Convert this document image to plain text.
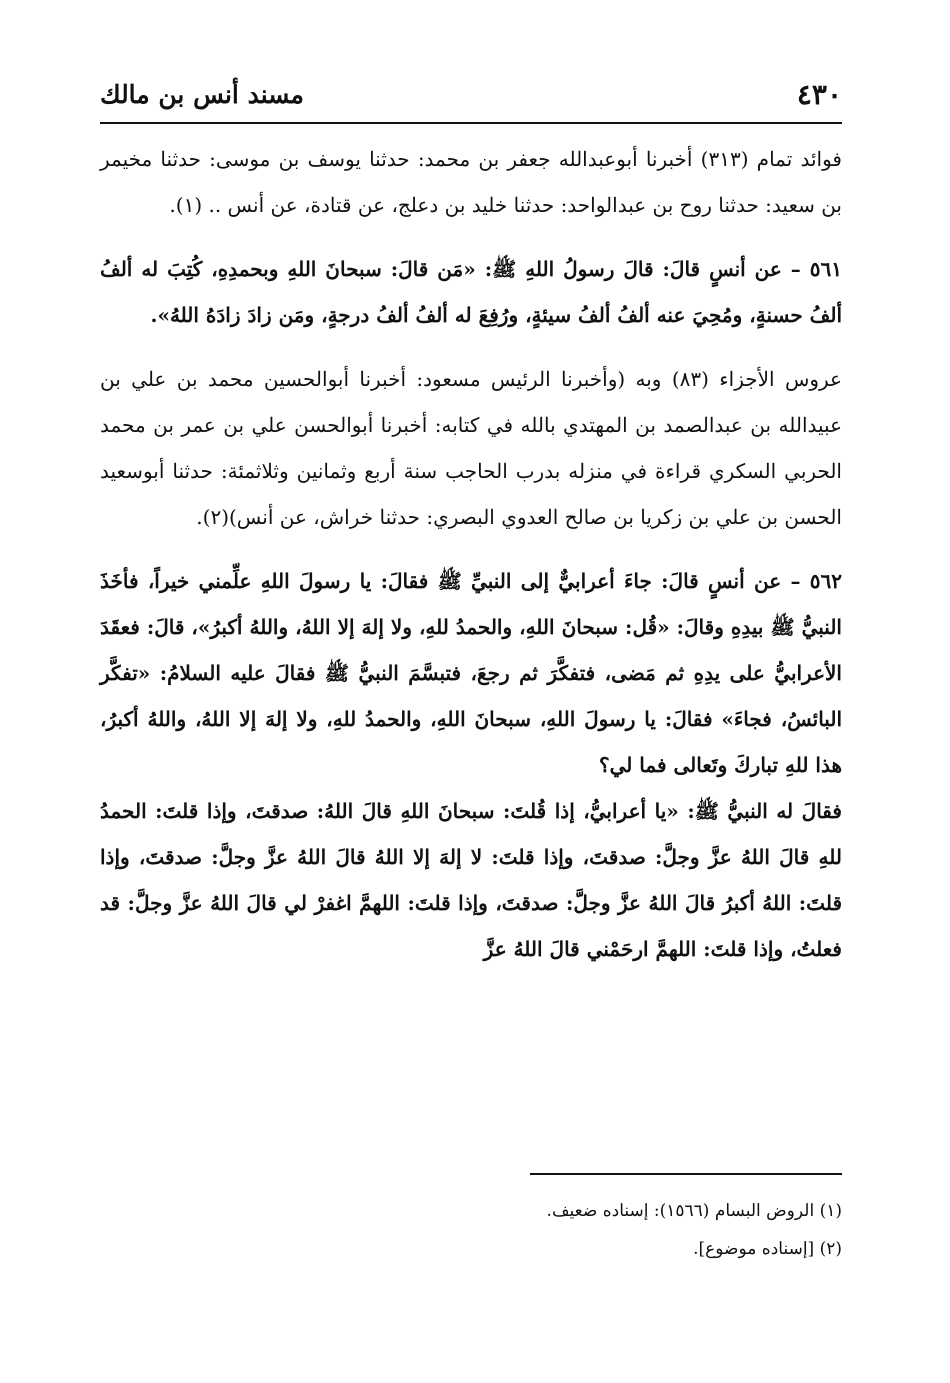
٤٣٠
مسند أنس بن مالك

فوائد تمام (٣١٣) أخبرنا أبوعبدالله جعفر بن محمد: حدثنا يوسف بن موسى: حدثنا مخيمر بن سعيد: حدثنا روح بن عبدالواحد: حدثنا خليد بن دعلج، عن قتادة، عن أنس .. (١).

٥٦١ – عن أنسٍ قالَ: قالَ رسولُ اللهِ ﷺ: «مَن قالَ: سبحانَ اللهِ وبحمدِهِ، كُتِبَ له ألفُ ألفُ حسنةٍ، ومُحِيَ عنه ألفُ ألفُ سيئةٍ، ورُفِعَ له ألفُ ألفُ درجةٍ، ومَن زادَ زادَهُ اللهُ».

عروس الأجزاء (٨٣) وبه (وأخبرنا الرئيس مسعود: أخبرنا أبوالحسين محمد بن علي بن عبيدالله بن عبدالصمد بن المهتدي بالله في كتابه: أخبرنا أبوالحسن علي بن عمر بن محمد الحربي السكري قراءة في منزله بدرب الحاجب سنة أربع وثمانين وثلاثمئة: حدثنا أبوسعيد الحسن بن علي بن زكريا بن صالح العدوي البصري: حدثنا خراش، عن أنس)(٢).

٥٦٢ – عن أنسٍ قالَ: جاءَ أعرابيٌّ إلى النبيِّ ﷺ فقالَ: يا رسولَ اللهِ علِّمني خيراً، فأخَذَ النبيُّ ﷺ بيدِهِ وقالَ: «قُل: سبحانَ اللهِ، والحمدُ للهِ، ولا إلهَ إلا اللهُ، واللهُ أكبرُ»، قالَ: فعقَدَ الأعرابيُّ على يدِهِ ثم مَضى، فتفكَّرَ ثم رجعَ، فتبسَّمَ النبيُّ ﷺ فقالَ عليه السلامُ: «تفكَّر البائسُ، فجاءَ» فقالَ: يا رسولَ اللهِ، سبحانَ اللهِ، والحمدُ للهِ، ولا إلهَ إلا اللهُ، واللهُ أكبرُ، هذا للهِ تباركَ وتَعالى فما لي؟

فقالَ له النبيُّ ﷺ: «يا أعرابيُّ، إذا قُلتَ: سبحانَ اللهِ قالَ اللهُ: صدقتَ، وإذا قلتَ: الحمدُ للهِ قالَ اللهُ عزَّ وجلَّ: صدقتَ، وإذا قلتَ: لا إلهَ إلا اللهُ قالَ اللهُ عزَّ وجلَّ: صدقتَ، وإذا قلتَ: اللهُ أكبرُ قالَ اللهُ عزَّ وجلَّ: صدقتَ، وإذا قلتَ: اللهمَّ اغفرْ لي قالَ اللهُ عزَّ وجلَّ: قد فعلتُ، وإذا قلتَ: اللهمَّ ارحَمْني قالَ اللهُ عزَّ

(١) الروض البسام (١٥٦٦): إسناده ضعيف.

(٢) [إسناده موضوع].
